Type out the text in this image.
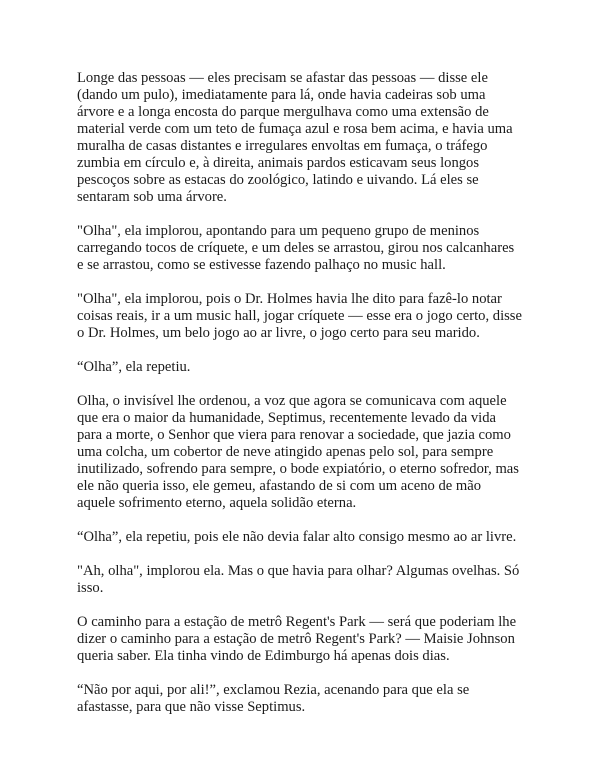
Longe das pessoas — eles precisam se afastar das pessoas — disse ele
(dando um pulo), imediatamente para lá, onde havia cadeiras sob uma
árvore e a longa encosta do parque mergulhava como uma extensão de
material verde com um teto de fumaça azul e rosa bem acima, e havia uma
muralha de casas distantes e irregulares envoltas em fumaça, o tráfego
zumbia em círculo e, à direita, animais pardos esticavam seus longos
pescoços sobre as estacas do zoológico, latindo e uivando. Lá eles se
sentaram sob uma árvore.

"Olha", ela implorou, apontando para um pequeno grupo de meninos
carregando tocos de críquete, e um deles se arrastou, girou nos calcanhares
e se arrastou, como se estivesse fazendo palhaço no music hall.

"Olha", ela implorou, pois o Dr. Holmes havia lhe dito para fazê-lo notar
coisas reais, ir a um music hall, jogar críquete — esse era o jogo certo, disse
o Dr. Holmes, um belo jogo ao ar livre, o jogo certo para seu marido.

“Olha”, ela repetiu.

Olha, o invisível lhe ordenou, a voz que agora se comunicava com aquele
que era o maior da humanidade, Septimus, recentemente levado da vida
para a morte, o Senhor que viera para renovar a sociedade, que jazia como
uma colcha, um cobertor de neve atingido apenas pelo sol, para sempre
inutilizado, sofrendo para sempre, o bode expiatório, o eterno sofredor, mas
ele não queria isso, ele gemeu, afastando de si com um aceno de mão
aquele sofrimento eterno, aquela solidão eterna.

“Olha”, ela repetiu, pois ele não devia falar alto consigo mesmo ao ar livre.

"Ah, olha", implorou ela. Mas o que havia para olhar? Algumas ovelhas. Só
isso.

O caminho para a estação de metrô Regent's Park — será que poderiam lhe
dizer o caminho para a estação de metrô Regent's Park? — Maisie Johnson
queria saber. Ela tinha vindo de Edimburgo há apenas dois dias.

“Não por aqui, por ali!”, exclamou Rezia, acenando para que ela se
afastasse, para que não visse Septimus.
